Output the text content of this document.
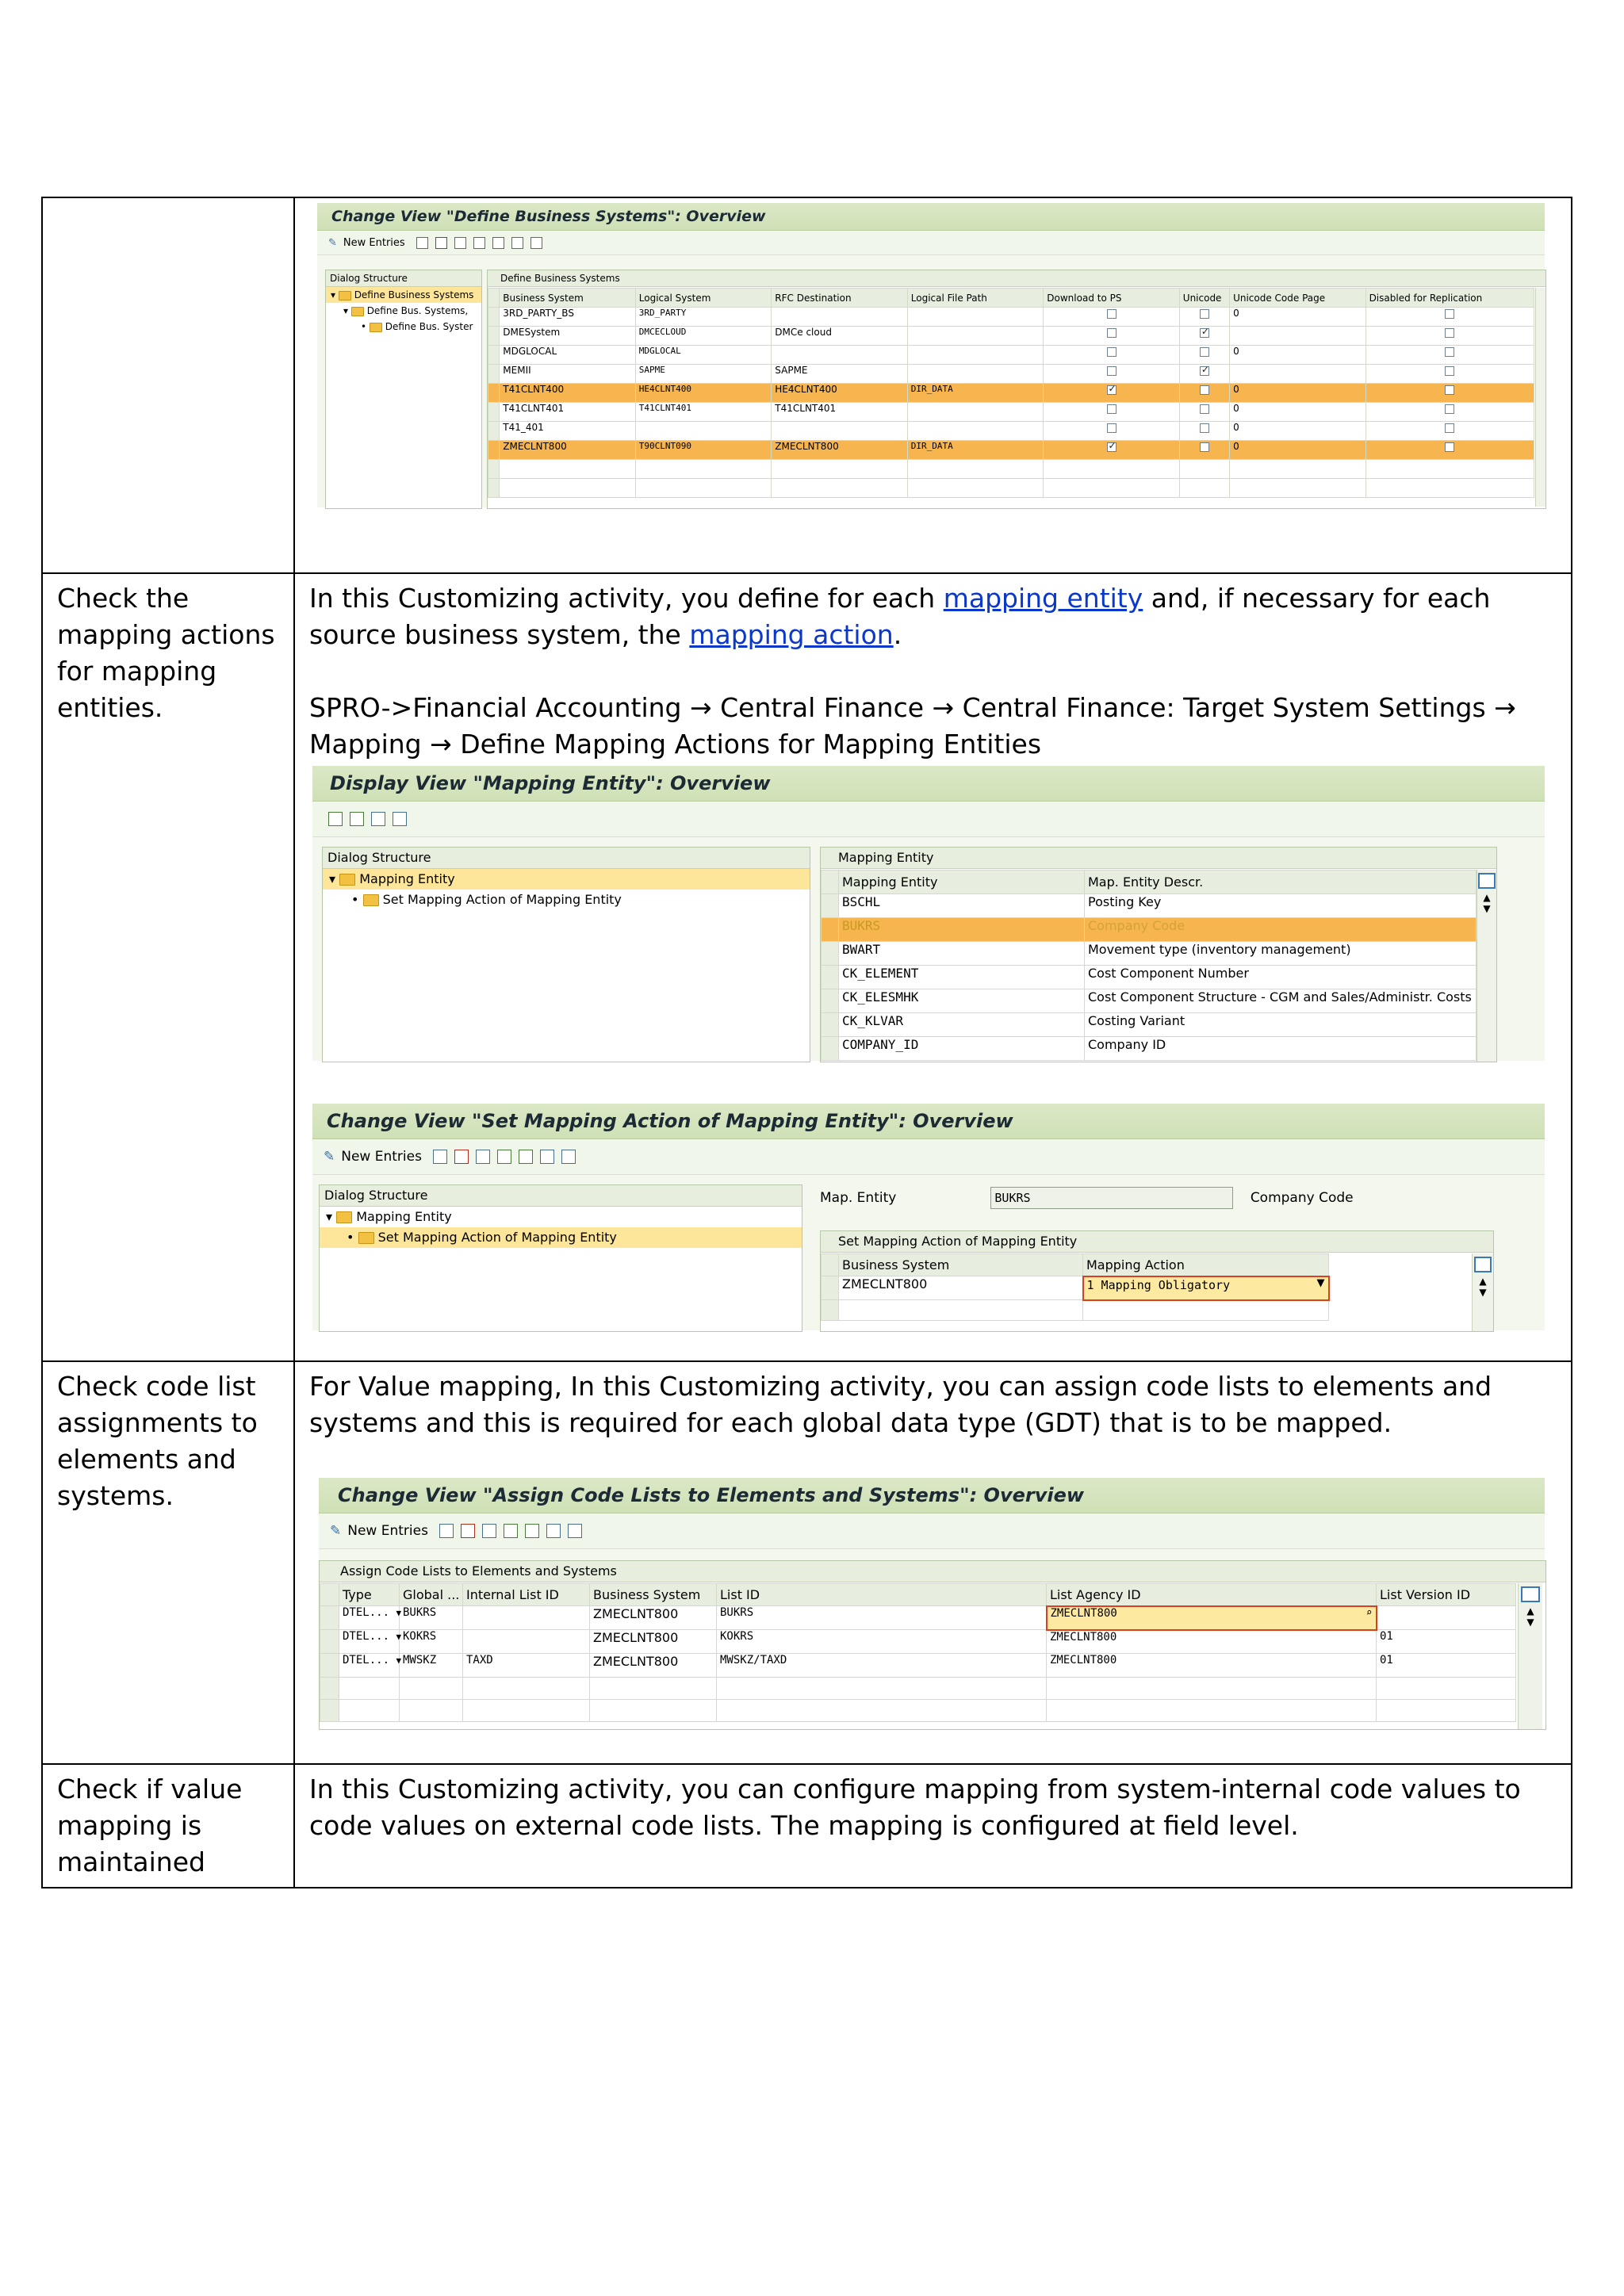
Change View "Define Business Systems": Overview
✎ New Entries
Dialog Structure
▾ Define Business Systems
▾ Define Bus. Systems,
• Define Bus. Syster
Define Business Systems
	Business System	Logical System	RFC Destination	Logical File Path	Download to PS	Unicode	Unicode Code Page	Disabled for Replication
	3RD_PARTY_BS	3RD_PARTY					0	
	DMESystem	DMCECLOUD	DMCe cloud			✓		
	MDGLOCAL	MDGLOCAL					0	
	MEMII	SAPME	SAPME			✓		
	T41CLNT400	HE4CLNT400	HE4CLNT400	DIR_DATA	✓		0	
	T41CLNT401	T41CLNT401	T41CLNT401				0	
	T41_401						0	
	ZMECLNT800	T90CLNT090	ZMECLNT800	DIR_DATA	✓		0	

Check the mapping actions for mapping entities.

In this Customizing activity, you define for each mapping entity and, if necessary for each source business system, the mapping action.

SPRO->Financial Accounting → Central Finance → Central Finance: Target System Settings → Mapping → Define Mapping Actions for Mapping Entities

Display View "Mapping Entity": Overview
Dialog Structure
▾ Mapping Entity
• Set Mapping Action of Mapping Entity
Mapping Entity
	Mapping Entity	Map. Entity Descr.
	BSCHL	Posting Key
	BUKRS	Company Code
	BWART	Movement type (inventory management)
	CK_ELEMENT	Cost Component Number
	CK_ELESMHK	Cost Component Structure - CGM and Sales/Administr. Costs
	CK_KLVAR	Costing Variant
	COMPANY_ID	Company ID
▲
▼
Change View "Set Mapping Action of Mapping Entity": Overview
✎ New Entries
Dialog Structure
▾ Mapping Entity
• Set Mapping Action of Mapping Entity
Map. Entity	BUKRS	Company Code
Set Mapping Action of Mapping Entity
	Business System	Mapping Action	
	ZMECLNT800	1 Mapping Obligatory	▼

				▲
▼

Check code list assignments to elements and systems.

For Value mapping, In this Customizing activity, you can assign code lists to elements and systems and this is required for each global data type (GDT) that is to be mapped.
Change View "Assign Code Lists to Elements and Systems": Overview
✎ New Entries
Assign Code Lists to Elements and Systems
	Type	Global ...	Internal List ID	Business System	List ID	List Agency ID	List Version ID
	DTEL... ▼	BUKRS		ZMECLNT800	BUKRS	ZMECLNT800	⌕

	DTEL... ▼	KOKRS		ZMECLNT800	KOKRS	ZMECLNT800	01
	DTEL... ▼	MWSKZ	TAXD	ZMECLNT800	MWSKZ/TAXD	ZMECLNT800	01

▲
▼

Check if value mapping is maintained

In this Customizing activity, you can configure mapping from system-internal code values to code values on external code lists. The mapping is configured at field level.
